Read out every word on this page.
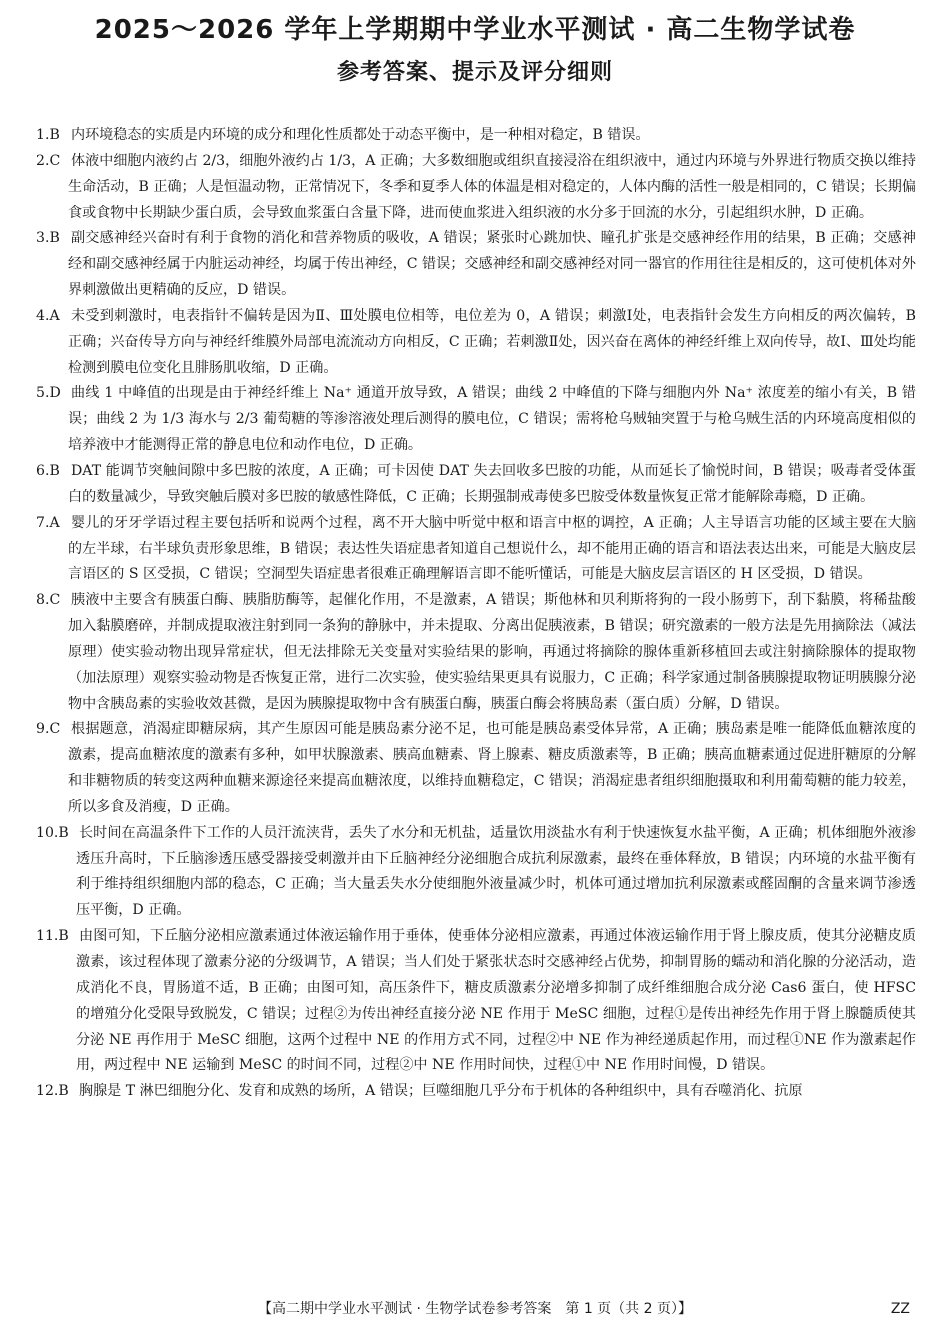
2025～2026 学年上学期期中学业水平测试 · 高二生物学试卷
参考答案、提示及评分细则

1.B 内环境稳态的实质是内环境的成分和理化性质都处于动态平衡中，是一种相对稳定，B 错误。

2.C 体液中细胞内液约占 2/3，细胞外液约占 1/3，A 正确；大多数细胞或组织直接浸浴在组织液中，通过内环境与外界进行物质交换以维持生命活动，B 正确；人是恒温动物，正常情况下，冬季和夏季人体的体温是相对稳定的，人体内酶的活性一般是相同的，C 错误；长期偏食或食物中长期缺少蛋白质，会导致血浆蛋白含量下降，进而使血浆进入组织液的水分多于回流的水分，引起组织水肿，D 正确。

3.B 副交感神经兴奋时有利于食物的消化和营养物质的吸收，A 错误；紧张时心跳加快、瞳孔扩张是交感神经作用的结果，B 正确；交感神经和副交感神经属于内脏运动神经，均属于传出神经，C 错误；交感神经和副交感神经对同一器官的作用往往是相反的，这可使机体对外界刺激做出更精确的反应，D 错误。

4.A 未受到刺激时，电表指针不偏转是因为Ⅱ、Ⅲ处膜电位相等，电位差为 0，A 错误；刺激Ⅰ处，电表指针会发生方向相反的两次偏转，B 正确；兴奋传导方向与神经纤维膜外局部电流流动方向相反，C 正确；若刺激Ⅱ处，因兴奋在离体的神经纤维上双向传导，故Ⅰ、Ⅲ处均能检测到膜电位变化且腓肠肌收缩，D 正确。

5.D 曲线 1 中峰值的出现是由于神经纤维上 Na⁺ 通道开放导致，A 错误；曲线 2 中峰值的下降与细胞内外 Na⁺ 浓度差的缩小有关，B 错误；曲线 2 为 1/3 海水与 2/3 葡萄糖的等渗溶液处理后测得的膜电位，C 错误；需将枪乌贼轴突置于与枪乌贼生活的内环境高度相似的培养液中才能测得正常的静息电位和动作电位，D 正确。

6.B DAT 能调节突触间隙中多巴胺的浓度，A 正确；可卡因使 DAT 失去回收多巴胺的功能，从而延长了愉悦时间，B 错误；吸毒者受体蛋白的数量减少，导致突触后膜对多巴胺的敏感性降低，C 正确；长期强制戒毒使多巴胺受体数量恢复正常才能解除毒瘾，D 正确。

7.A 婴儿的牙牙学语过程主要包括听和说两个过程，离不开大脑中听觉中枢和语言中枢的调控，A 正确；人主导语言功能的区域主要在大脑的左半球，右半球负责形象思维，B 错误；表达性失语症患者知道自己想说什么，却不能用正确的语言和语法表达出来，可能是大脑皮层言语区的 S 区受损，C 错误；空洞型失语症患者很难正确理解语言即不能听懂话，可能是大脑皮层言语区的 H 区受损，D 错误。

8.C 胰液中主要含有胰蛋白酶、胰脂肪酶等，起催化作用，不是激素，A 错误；斯他林和贝利斯将狗的一段小肠剪下，刮下黏膜，将稀盐酸加入黏膜磨碎，并制成提取液注射到同一条狗的静脉中，并未提取、分离出促胰液素，B 错误；研究激素的一般方法是先用摘除法（减法原理）使实验动物出现异常症状，但无法排除无关变量对实验结果的影响，再通过将摘除的腺体重新移植回去或注射摘除腺体的提取物（加法原理）观察实验动物是否恢复正常，进行二次实验，使实验结果更具有说服力，C 正确；科学家通过制备胰腺提取物证明胰腺分泌物中含胰岛素的实验收效甚微，是因为胰腺提取物中含有胰蛋白酶，胰蛋白酶会将胰岛素（蛋白质）分解，D 错误。

9.C 根据题意，消渴症即糖尿病，其产生原因可能是胰岛素分泌不足，也可能是胰岛素受体异常，A 正确；胰岛素是唯一能降低血糖浓度的激素，提高血糖浓度的激素有多种，如甲状腺激素、胰高血糖素、肾上腺素、糖皮质激素等，B 正确；胰高血糖素通过促进肝糖原的分解和非糖物质的转变这两种血糖来源途径来提高血糖浓度，以维持血糖稳定，C 错误；消渴症患者组织细胞摄取和利用葡萄糖的能力较差，所以多食及消瘦，D 正确。

10.B 长时间在高温条件下工作的人员汗流浃背，丢失了水分和无机盐，适量饮用淡盐水有利于快速恢复水盐平衡，A 正确；机体细胞外液渗透压升高时，下丘脑渗透压感受器接受刺激并由下丘脑神经分泌细胞合成抗利尿激素，最终在垂体释放，B 错误；内环境的水盐平衡有利于维持组织细胞内部的稳态，C 正确；当大量丢失水分使细胞外液量减少时，机体可通过增加抗利尿激素或醛固酮的含量来调节渗透压平衡，D 正确。

11.B 由图可知，下丘脑分泌相应激素通过体液运输作用于垂体，使垂体分泌相应激素，再通过体液运输作用于肾上腺皮质，使其分泌糖皮质激素，该过程体现了激素分泌的分级调节，A 错误；当人们处于紧张状态时交感神经占优势，抑制胃肠的蠕动和消化腺的分泌活动，造成消化不良，胃肠道不适，B 正确；由图可知，高压条件下，糖皮质激素分泌增多抑制了成纤维细胞合成分泌 Cas6 蛋白，使 HFSC 的增殖分化受限导致脱发，C 错误；过程②为传出神经直接分泌 NE 作用于 MeSC 细胞，过程①是传出神经先作用于肾上腺髓质使其分泌 NE 再作用于 MeSC 细胞，这两个过程中 NE 的作用方式不同，过程②中 NE 作为神经递质起作用，而过程①NE 作为激素起作用，两过程中 NE 运输到 MeSC 的时间不同，过程②中 NE 作用时间快，过程①中 NE 作用时间慢，D 错误。

12.B 胸腺是 T 淋巴细胞分化、发育和成熟的场所，A 错误；巨噬细胞几乎分布于机体的各种组织中，具有吞噬消化、抗原

【高二期中学业水平测试 · 生物学试卷参考答案　第 1 页（共 2 页）】	ZZ
